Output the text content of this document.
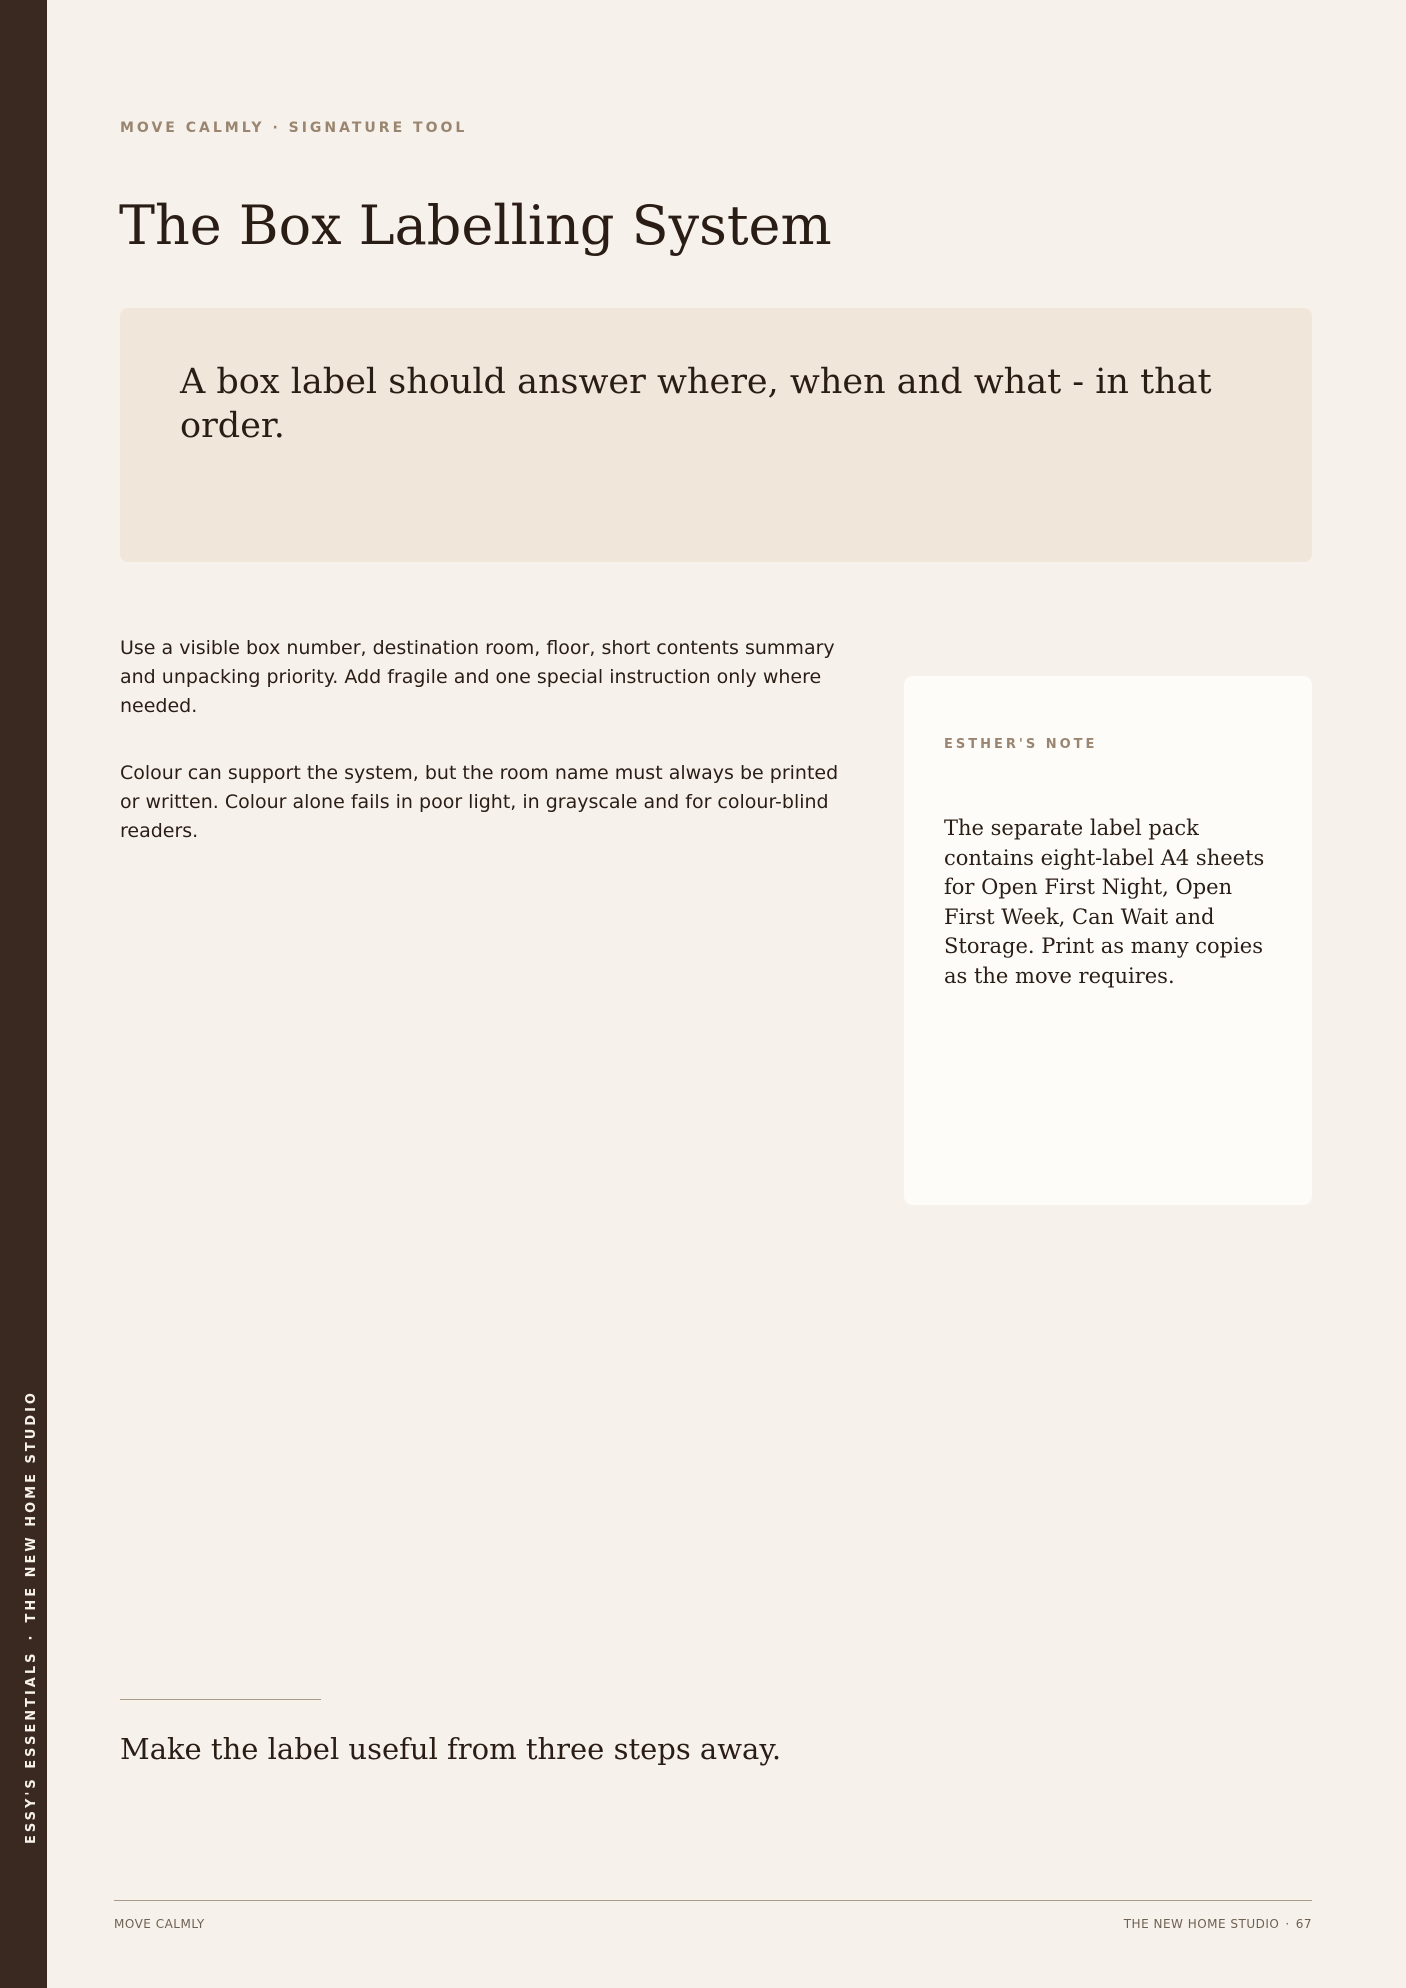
ESSY'S ESSENTIALS·THE NEW HOME STUDIO
MOVE CALMLY · SIGNATURE TOOL
The Box Labelling System
A box label should answer where, when and what - in that order.

Use a visible box number, destination room, floor, short contents summary and unpacking priority. Add fragile and one special instruction only where needed.

Colour can support the system, but the room name must always be printed or written. Colour alone fails in poor light, in grayscale and for colour-blind readers.

ESTHER'S NOTE
The separate label pack contains eight-label A4 sheets for Open First Night, Open First Week, Can Wait and Storage. Print as many copies as the move requires.
Make the label useful from three steps away.
MOVE CALMLY	THE NEW HOME STUDIO · 67
